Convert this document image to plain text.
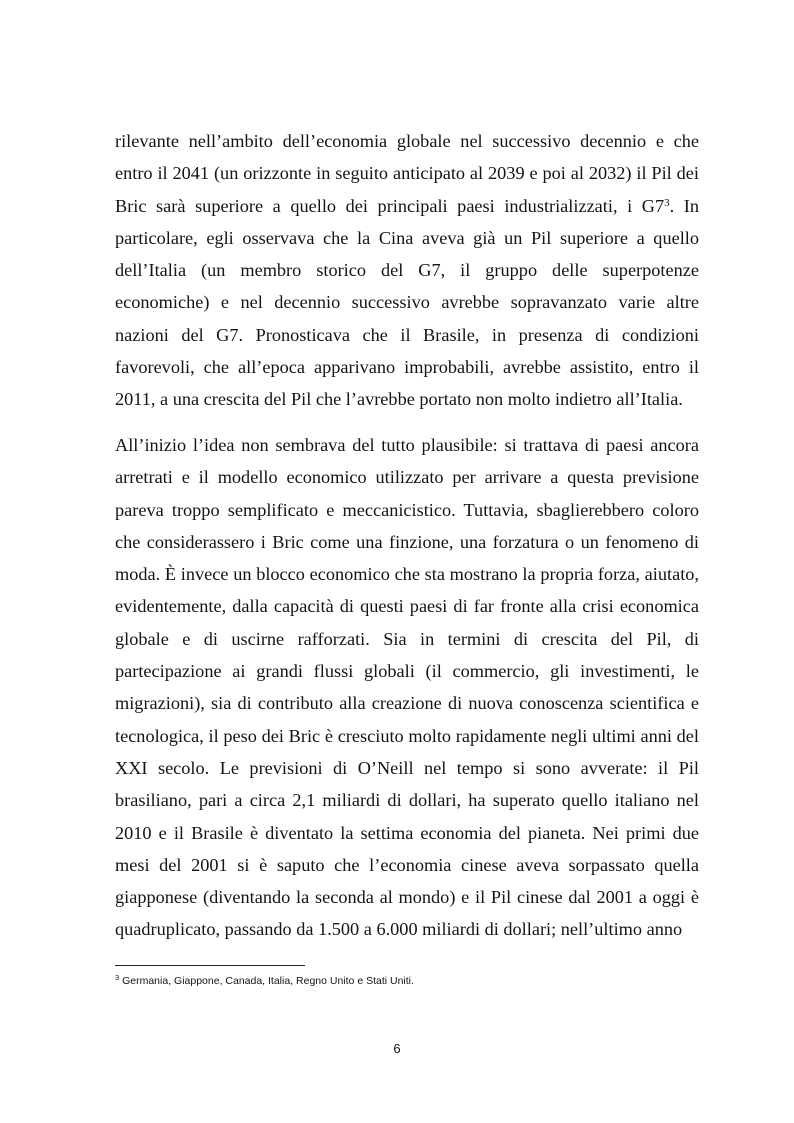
rilevante nell’ambito dell’economia globale nel successivo decennio e che entro il 2041 (un orizzonte in seguito anticipato al 2039 e poi al 2032) il Pil dei Bric sarà superiore a quello dei principali paesi industrializzati, i $G7^3$. In particolare, egli osservava che la Cina aveva già un Pil superiore a quello dell’Italia (un membro storico del G7, il gruppo delle superpotenze economiche) e nel decennio successivo avrebbe sopravanzato varie altre nazioni del G7. Pronosticava che il Brasile, in presenza di condizioni favorevoli, che all’epoca apparivano improbabili, avrebbe assistito, entro il 2011, a una crescita del Pil che l’avrebbe portato non molto indietro all’Italia.

All’inizio l’idea non sembrava del tutto plausibile: si trattava di paesi ancora arretrati e il modello economico utilizzato per arrivare a questa previsione pareva troppo semplificato e meccanicistico. Tuttavia, sbaglierebbero coloro che considerassero i Bric come una finzione, una forzatura o un fenomeno di moda. È invece un blocco economico che sta mostrano la propria forza, aiutato, evidentemente, dalla capacità di questi paesi di far fronte alla crisi economica globale e di uscirne rafforzati. Sia in termini di crescita del Pil, di partecipazione ai grandi flussi globali (il commercio, gli investimenti, le migrazioni), sia di contributo alla creazione di nuova conoscenza scientifica e tecnologica, il peso dei Bric è cresciuto molto rapidamente negli ultimi anni del XXI secolo. Le previsioni di O’Neill nel tempo si sono avverate: il Pil brasiliano, pari a circa 2,1 miliardi di dollari, ha superato quello italiano nel 2010 e il Brasile è diventato la settima economia del pianeta. Nei primi due mesi del 2001 si è saputo che l’economia cinese aveva sorpassato quella giapponese (diventando la seconda al mondo) e il Pil cinese dal 2001 a oggi è quadruplicato, passando da 1.500 a 6.000 miliardi di dollari; nell’ultimo anno

$^3$ Germania, Giappone, Canada, Italia, Regno Unito e Stati Uniti.
6
